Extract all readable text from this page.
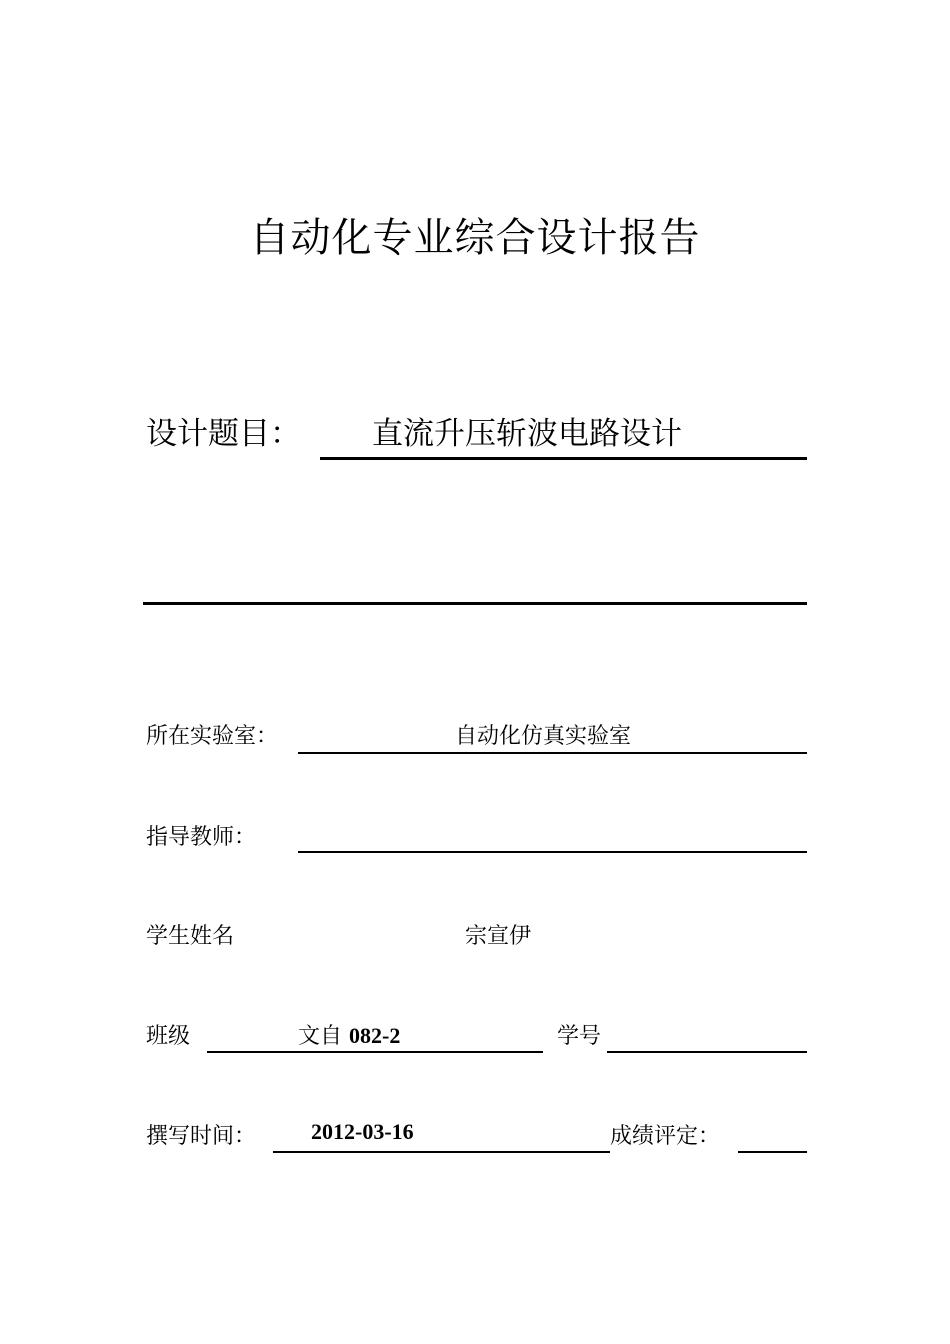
自动化专业综合设计报告
设计题目： 直流升压斩波电路设计
所在实验室：	自动化仿真实验室
指导教师：
学生姓名	宗宣伊
班级	文自 082-2	学号
撰写时间： 2012-03-16	成绩评定：
